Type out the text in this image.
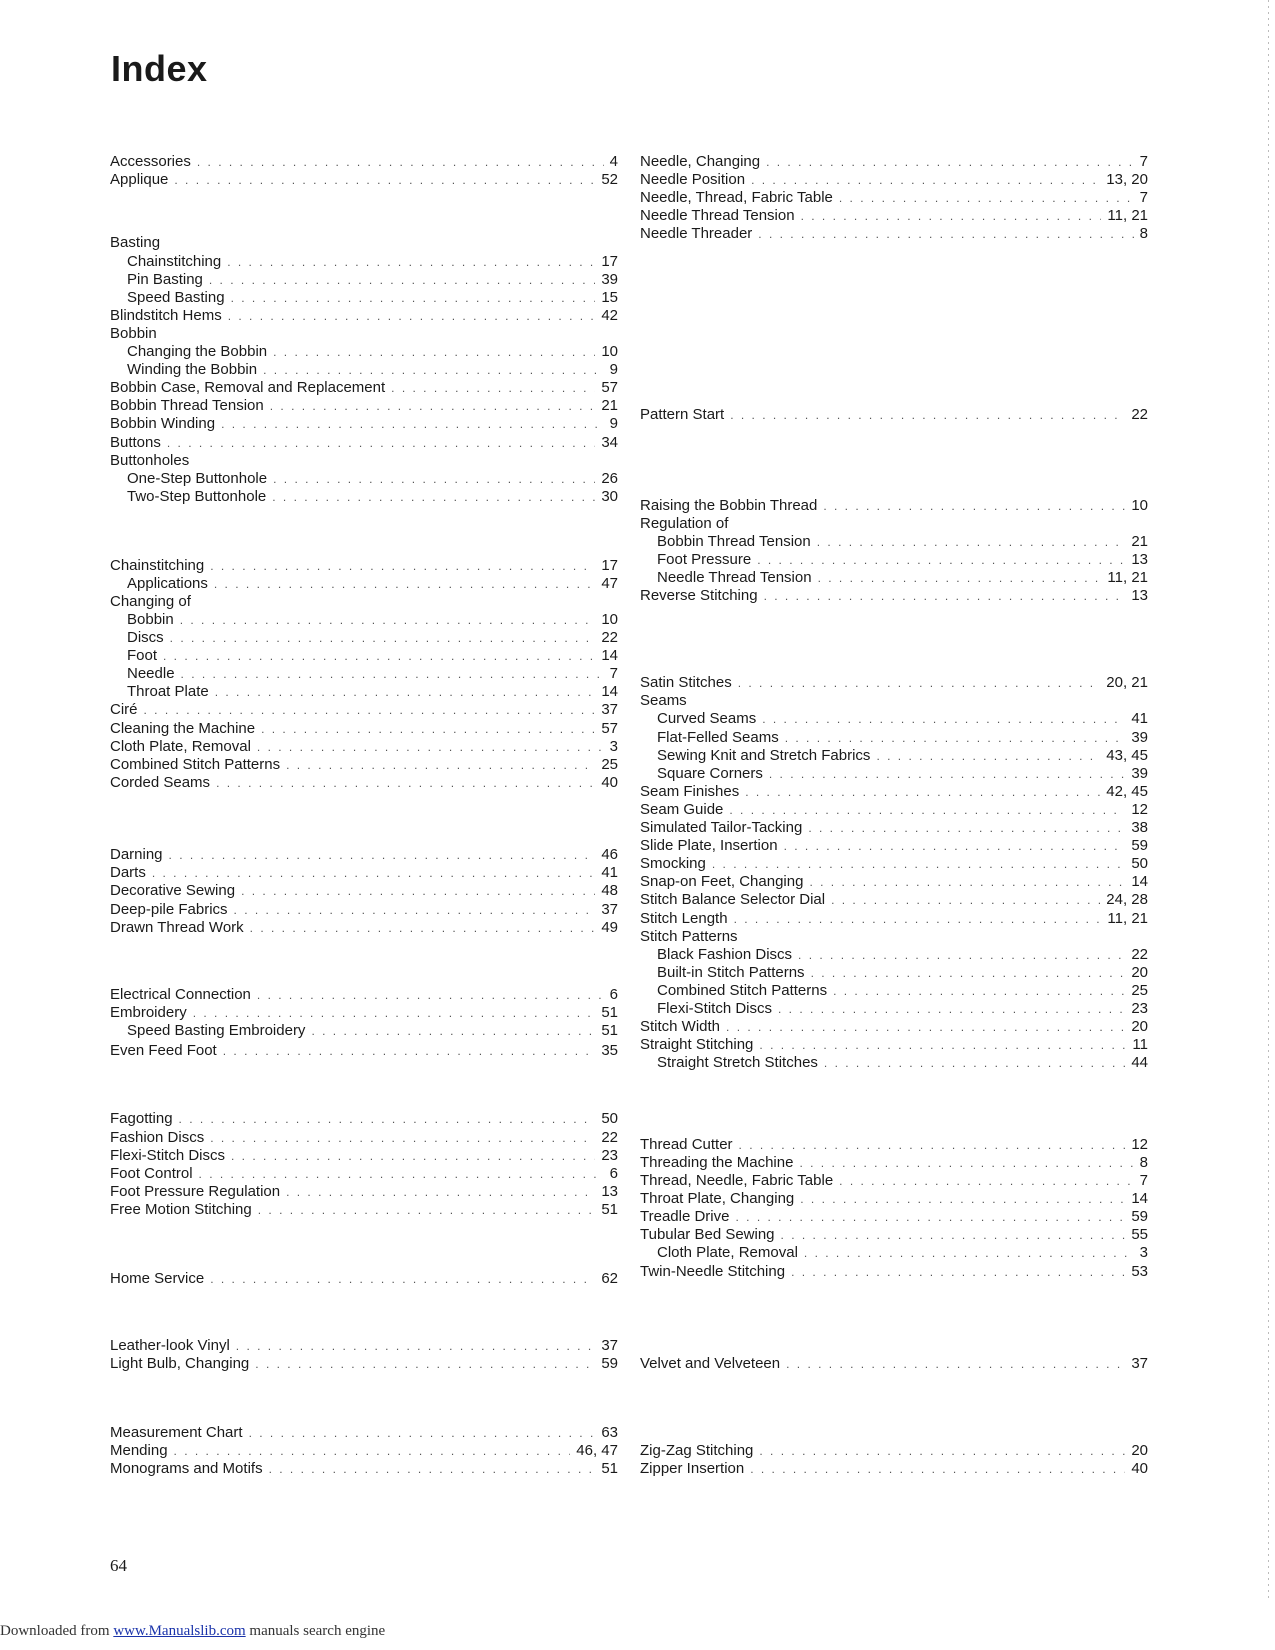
Index
Accessories . . .	4
Applique . . .	52
Basting
Chainstitching . . .	17
Pin Basting . . .	39
Speed Basting . . .	15
Blindstitch Hems . . .	42
Bobbin
Changing the Bobbin . . .	10
Winding the Bobbin . . .	9
Bobbin Case, Removal and Replacement . . .	57
Bobbin Thread Tension . . .	21
Bobbin Winding . . .	9
Buttons . . .	34
Buttonholes
One-Step Buttonhole . . .	26
Two-Step Buttonhole . . .	30
Chainstitching . . .	17
Applications . . .	47
Changing of
Bobbin . . .	10
Discs . . .	22
Foot . . .	14
Needle . . .	7
Throat Plate . . .	14
Ciré . . .	37
Cleaning the Machine . . .	57
Cloth Plate, Removal . . .	3
Combined Stitch Patterns . . .	25
Corded Seams . . .	40
Darning . . .	46
Darts . . .	41
Decorative Sewing . . .	48
Deep-pile Fabrics . . .	37
Drawn Thread Work . . .	49
Electrical Connection . . .	6
Embroidery . . .	51
Speed Basting Embroidery . . .	51
Even Feed Foot . . .	35
Fagotting . . .	50
Fashion Discs . . .	22
Flexi-Stitch Discs . . .	23
Foot Control . . .	6
Foot Pressure Regulation . . .	13
Free Motion Stitching . . .	51
Home Service . . .	62
Leather-look Vinyl . . .	37
Light Bulb, Changing . . .	59
Measurement Chart . . .	63
Mending . . .	46, 47
Monograms and Motifs . . .	51
Needle, Changing . . .	7
Needle Position . . .	13, 20
Needle, Thread, Fabric Table . . .	7
Needle Thread Tension . . .	11, 21
Needle Threader . . .	8
Pattern Start . . .	22
Raising the Bobbin Thread . . .	10
Regulation of
Bobbin Thread Tension . . .	21
Foot Pressure . . .	13
Needle Thread Tension . . .	11, 21
Reverse Stitching . . .	13
Satin Stitches . . .	20, 21
Seams
Curved Seams . . .	41
Flat-Felled Seams . . .	39
Sewing Knit and Stretch Fabrics . . .	43, 45
Square Corners . . .	39
Seam Finishes . . .	42, 45
Seam Guide . . .	12
Simulated Tailor-Tacking . . .	38
Slide Plate, Insertion . . .	59
Smocking . . .	50
Snap-on Feet, Changing . . .	14
Stitch Balance Selector Dial . . .	24, 28
Stitch Length . . .	11, 21
Stitch Patterns
Black Fashion Discs . . .	22
Built-in Stitch Patterns . . .	20
Combined Stitch Patterns . . .	25
Flexi-Stitch Discs . . .	23
Stitch Width . . .	20
Straight Stitching . . .	11
Straight Stretch Stitches . . .	44
Thread Cutter . . .	12
Threading the Machine . . .	8
Thread, Needle, Fabric Table . . .	7
Throat Plate, Changing . . .	14
Treadle Drive . . .	59
Tubular Bed Sewing . . .	55
Cloth Plate, Removal . . .	3
Twin-Needle Stitching . . .	53
Velvet and Velveteen . . .	37
Zig-Zag Stitching . . .	20
Zipper Insertion . . .	40
64
Downloaded from www.Manualslib.com manuals search engine
